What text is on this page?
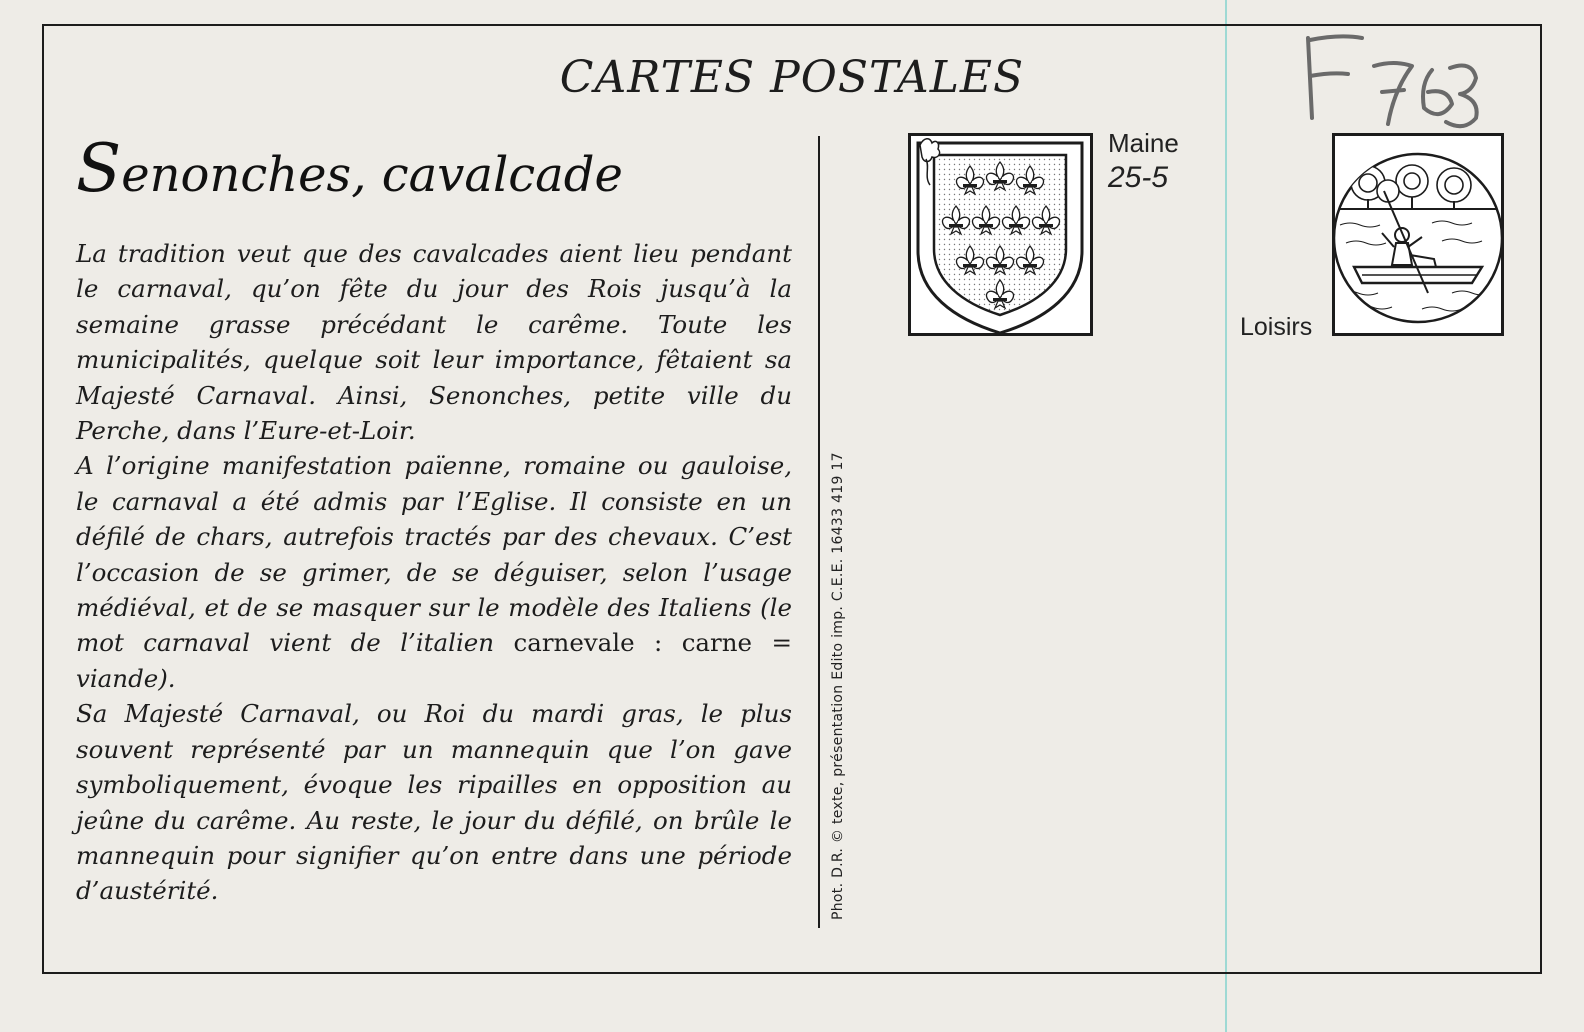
CARTES POSTALES
Senonches, cavalcade

La tradition veut que des cavalcades aient lieu pendant le carnaval, qu’on fête du jour des Rois jusqu’à la semaine grasse précédant le carême. Toute les municipalités, quelque soit leur importance, fêtaient sa Majesté Carnaval. Ainsi, Senonches, petite ville du Perche, dans l’Eure-et-Loir.

A l’origine manifestation païenne, romaine ou gauloise, le carnaval a été admis par l’Eglise. Il consiste en un défilé de chars, autrefois tractés par des chevaux. C’est l’occasion de se grimer, de se déguiser, selon l’usage médiéval, et de se masquer sur le modèle des Italiens (le mot carnaval vient de l’italien carnevale : carne = viande).

Sa Majesté Carnaval, ou Roi du mardi gras, le plus souvent représenté par un mannequin que l’on gave symboliquement, évoque les ripailles en opposition au jeûne du carême. Au reste, le jour du défilé, on brûle le mannequin pour signifier qu’on entre dans une période d’austérité.	Phot. D.R. © texte, présentation Edito imp. C.E.E. 16433 419 17
Maine
25-5
Loisirs
